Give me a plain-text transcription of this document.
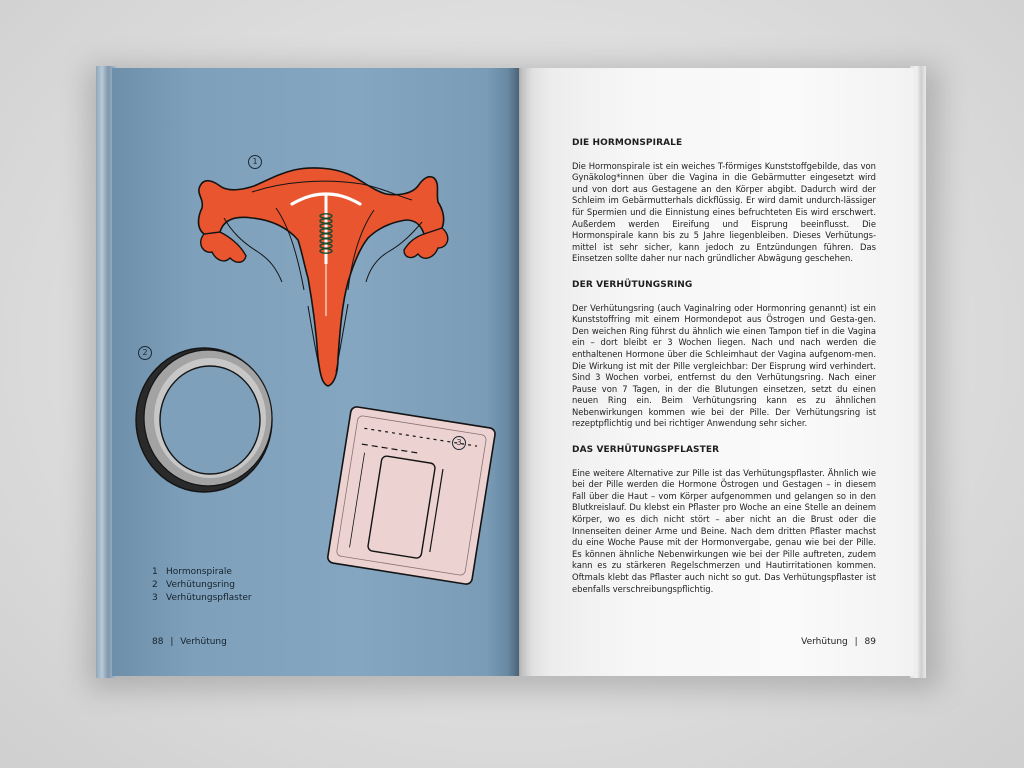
1
2
3
1 Hormonspirale
2 Verhütungsring
3 Verhütungspflaster
88 | Verhütung
DIE HORMONSPIRALE

Die Hormonspirale ist ein weiches T-förmiges Kunststoffgebilde, das von Gynäkolog*innen über die Vagina in die Gebärmutter eingesetzt wird und von dort aus Gestagene an den Körper abgibt. Dadurch wird der Schleim im Gebärmutterhals dickflüssig. Er wird damit undurch-lässiger für Spermien und die Einnistung eines befruchteten Eis wird erschwert. Außerdem werden Eireifung und Eisprung beeinflusst. Die Hormonspirale kann bis zu 5 Jahre liegenbleiben. Dieses Verhütungs-mittel ist sehr sicher, kann jedoch zu Entzündungen führen. Das Einsetzen sollte daher nur nach gründlicher Abwägung geschehen.

DER VERHÜTUNGSRING

Der Verhütungsring (auch Vaginalring oder Hormonring genannt) ist ein Kunststoffring mit einem Hormondepot aus Östrogen und Gesta-gen. Den weichen Ring führst du ähnlich wie einen Tampon tief in die Vagina ein – dort bleibt er 3 Wochen liegen. Nach und nach werden die enthaltenen Hormone über die Schleimhaut der Vagina aufgenom-men. Die Wirkung ist mit der Pille vergleichbar: Der Eisprung wird verhindert. Sind 3 Wochen vorbei, entfernst du den Verhütungsring. Nach einer Pause von 7 Tagen, in der die Blutungen einsetzen, setzt du einen neuen Ring ein. Beim Verhütungsring kann es zu ähnlichen Nebenwirkungen kommen wie bei der Pille. Der Verhütungsring ist rezeptpflichtig und bei richtiger Anwendung sehr sicher.

DAS VERHÜTUNGSPFLASTER

Eine weitere Alternative zur Pille ist das Verhütungspflaster. Ähnlich wie bei der Pille werden die Hormone Östrogen und Gestagen – in diesem Fall über die Haut – vom Körper aufgenommen und gelangen so in den Blutkreislauf. Du klebst ein Pflaster pro Woche an eine Stelle an deinem Körper, wo es dich nicht stört – aber nicht an die Brust oder die Innenseiten deiner Arme und Beine. Nach dem dritten Pflaster machst du eine Woche Pause mit der Hormonvergabe, genau wie bei der Pille. Es können ähnliche Nebenwirkungen wie bei der Pille auftreten, zudem kann es zu stärkeren Regelschmerzen und Hautirritationen kommen. Oftmals klebt das Pflaster auch nicht so gut. Das Verhütungspflaster ist ebenfalls verschreibungspflichtig.

Verhütung | 89
